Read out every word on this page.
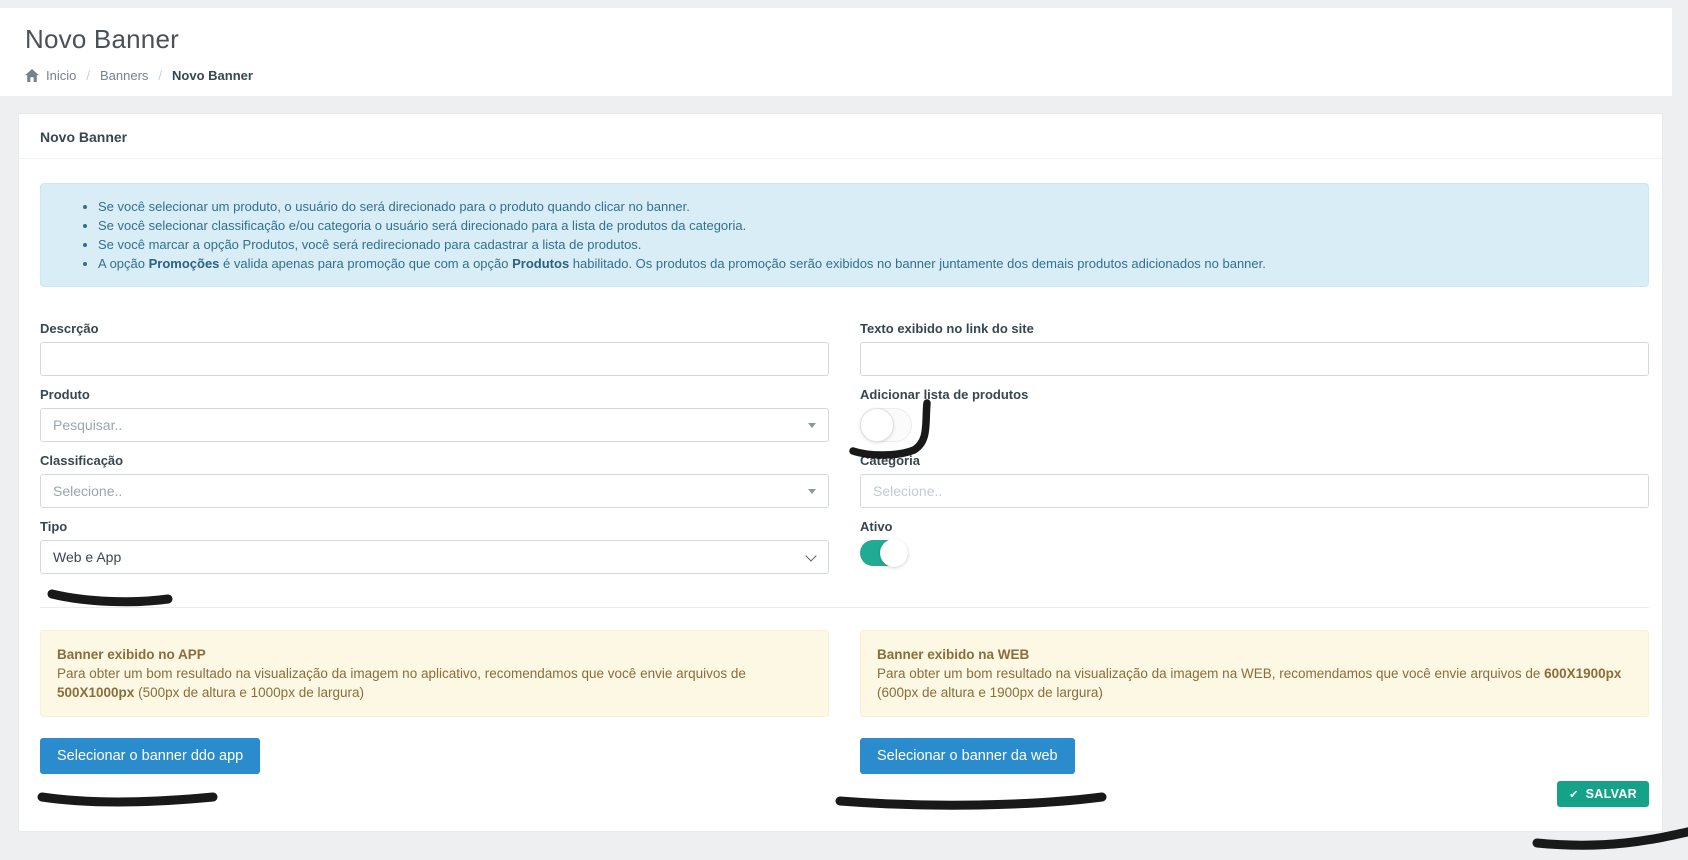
Novo Banner
Inicio / Banners / Novo Banner
Novo Banner
• Se você selecionar um produto, o usuário do será direcionado para o produto quando clicar no banner.
• Se você selecionar classificação e/ou categoria o usuário será direcionado para a lista de produtos da categoria.
• Se você marcar a opção Produtos, você será redirecionado para cadastrar a lista de produtos.
• A opção Promoções é valida apenas para promoção que com a opção Produtos habilitado. Os produtos da promoção serão exibidos no banner juntamente dos demais produtos adicionados no banner.
Descrção	Texto exibido no link do site
Produto
Pesquisar..
Adicionar lista de produtos
Classificação
Selecione..
Categoria
Selecione..
Tipo
Web e App
Ativo
Banner exibido no APP
Para obter um bom resultado na visualização da imagem no aplicativo, recomendamos que você envie arquivos de 500X1000px (500px de altura e 1000px de largura)
Banner exibido na WEB
Para obter um bom resultado na visualização da imagem na WEB, recomendamos que você envie arquivos de 600X1900px (600px de altura e 1900px de largura)
Selecionar o banner ddo app	Selecionar o banner da web
✔ SALVAR
